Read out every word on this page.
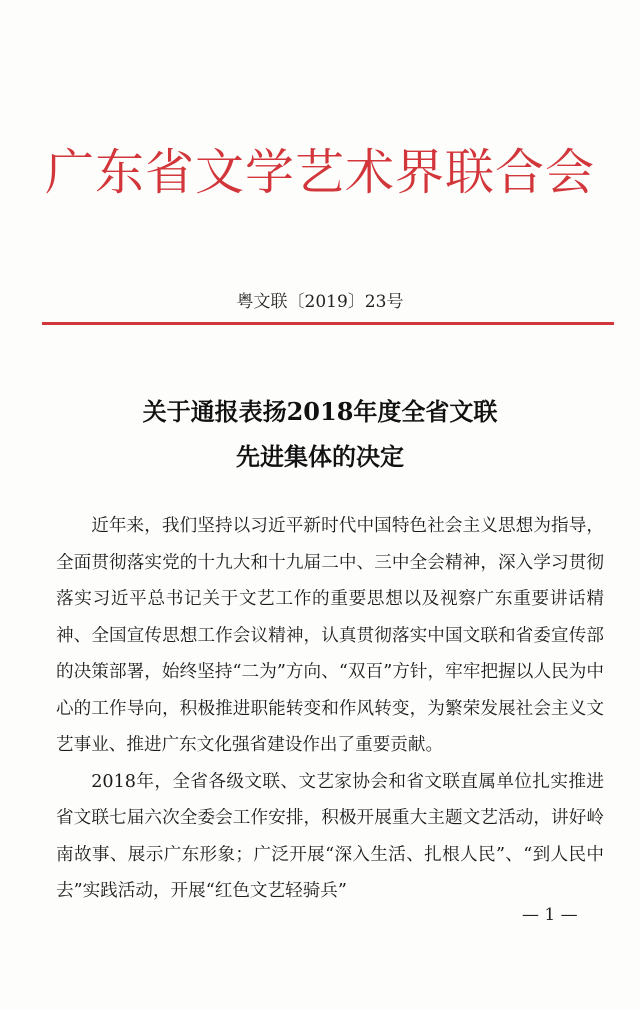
广东省文学艺术界联合会
粤文联〔2019〕23号
关于通报表扬2018年度全省文联
先进集体的决定

近年来，我们坚持以习近平新时代中国特色社会主义思想为指导，全面贯彻落实党的十九大和十九届二中、三中全会精神，深入学习贯彻落实习近平总书记关于文艺工作的重要思想以及视察广东重要讲话精神、全国宣传思想工作会议精神，认真贯彻落实中国文联和省委宣传部的决策部署，始终坚持“二为”方向、“双百”方针，牢牢把握以人民为中心的工作导向，积极推进职能转变和作风转变，为繁荣发展社会主义文艺事业、推进广东文化强省建设作出了重要贡献。

2018年，全省各级文联、文艺家协会和省文联直属单位扎实推进省文联七届六次全委会工作安排，积极开展重大主题文艺活动，讲好岭南故事、展示广东形象；广泛开展“深入生活、扎根人民”、“到人民中去”实践活动，开展“红色文艺轻骑兵”

— 1 —
